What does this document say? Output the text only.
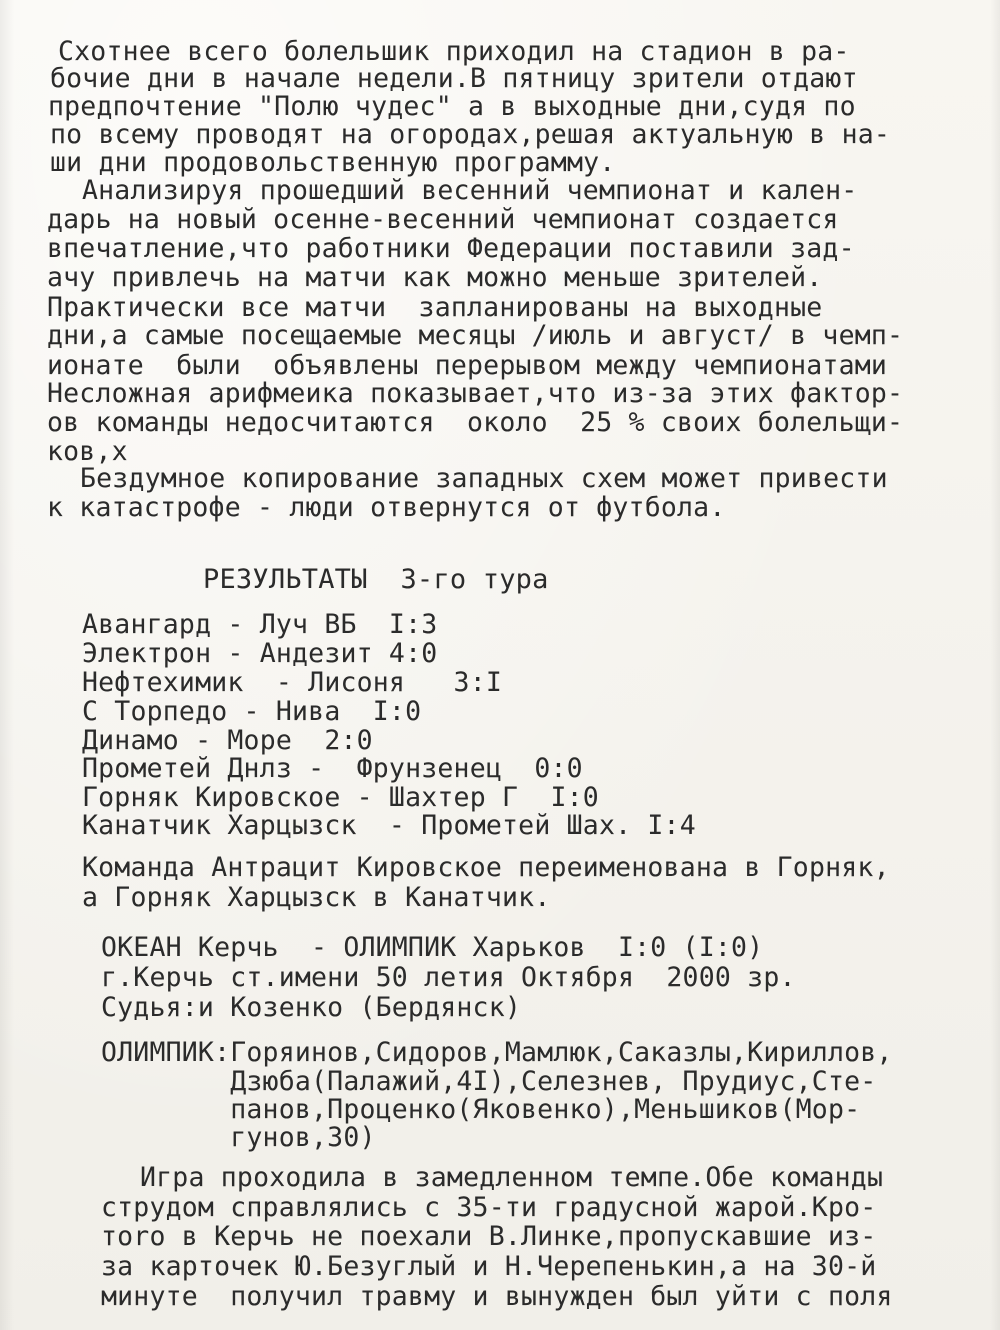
Схотнее всего болельшик приходил на стадион в ра-
бочие дни в начале недели.В пятницу зрители отдают
предпочтение "Полю чудес" а в выходные дни,судя по
по всему проводят на огородах,решая актуальную в на-
ши дни продовольственную программу.
Анализируя прошедший весенний чемпионат и кален-
дарь на новый осенне-весенний чемпионат создается
впечатление,что работники Федерации поставили зад-
ачу привлечь на матчи как можно меньше зрителей.
Практически все матчи  запланированы на выходные
дни,а самые посещаемые месяцы /июль и август/ в чемп-
ионате  были  объявлены перерывом между чемпионатами
Несложная арифмеика показывает,что из-за этих фактор-
ов команды недосчитаются  около  25 % своих болельщи-
ков,х
Бездумное копирование западных схем может привести
к катастрофе - люди отвернутся от футбола.
РЕЗУЛЬТАТЫ  3-го тура
Авангард - Луч ВБ  I:3
Электрон - Андезит 4:0
Нефтехимик  - Лисоня   3:I
С Торпедо - Нива  I:0
Динамо - Море  2:0
Прометей Днлз -  Фрунзенец  0:0
Горняк Кировское - Шахтер Г  I:0
Канатчик Харцызск  - Прометей Шах. I:4
Команда Антрацит Кировское переименована в Горняк,
а Горняк Харцызск в Канатчик.
ОКЕАН Керчь  - ОЛИМПИК Харьков  I:0 (I:0)
г.Керчь ст.имени 50 летия Октября  2000 зр.
Судья:и Козенко (Бердянск)
ОЛИМПИК:Горяинов,Сидоров,Мамлюк,Саказлы,Кириллов,
Дзюба(Палажий,4I),Селезнев, Прудиус,Сте-
панов,Проценко(Яковенко),Меньшиков(Мор-
гунов,30)
Игра проходила в замедленном темпе.Обе команды
струдом справлялись с 35-ти градусной жарой.Кро-
тоrо в Керчь не поехали В.Линке,пропускавшие из-
за карточек Ю.Безуглый и Н.Черепенькин,а на 30-й
минуте  получил травму и вынужден был уйти с поля
